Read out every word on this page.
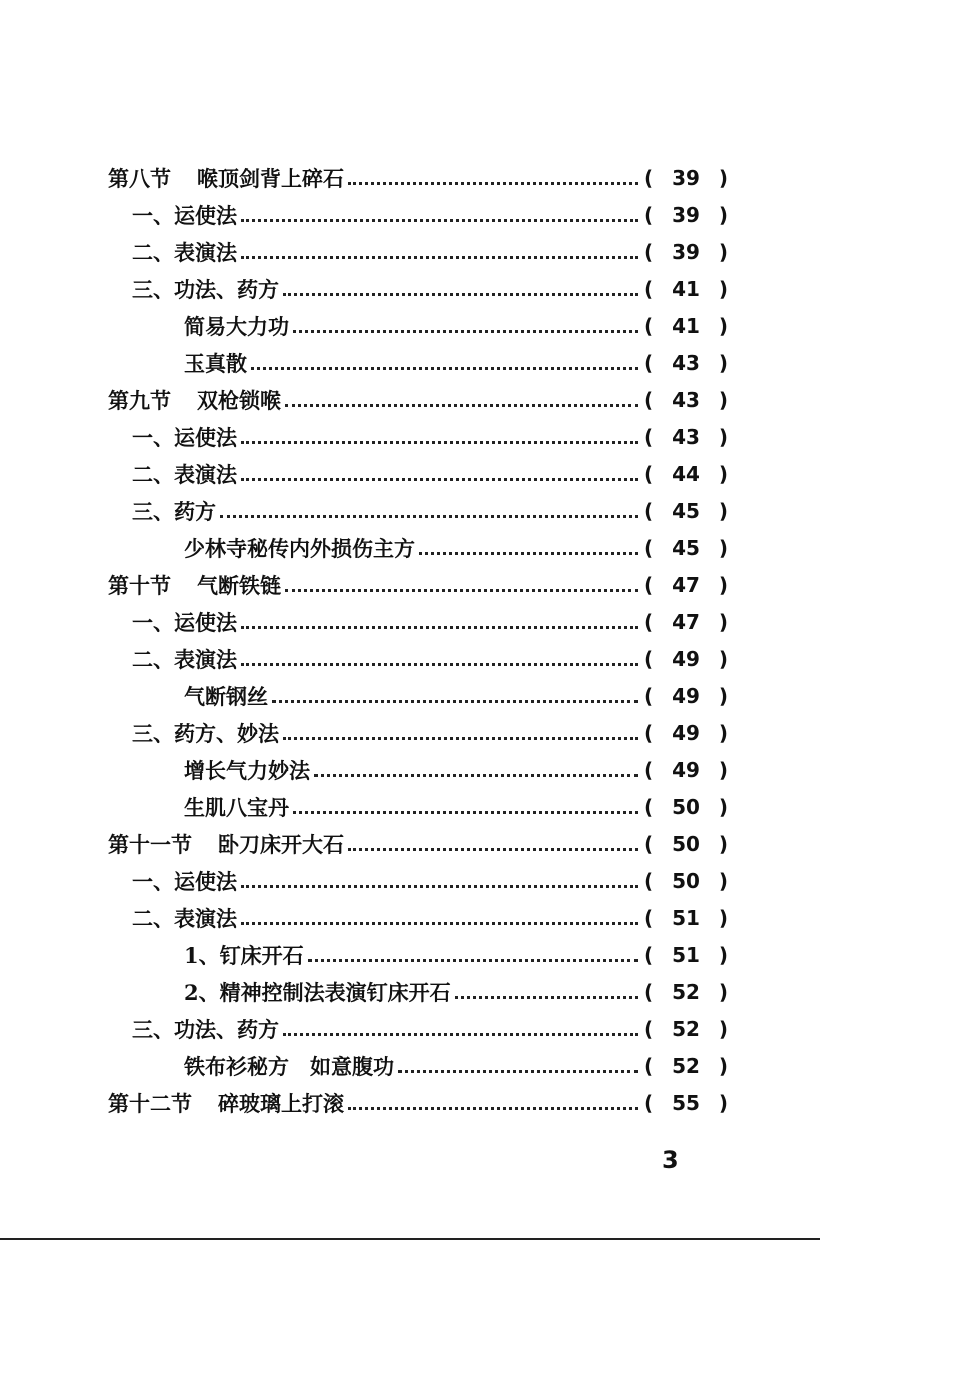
第八节 喉顶剑背上碎石	( 39 )
一、运使法	( 39 )
二、表演法	( 39 )
三、功法、药方	( 41 )
简易大力功	( 41 )
玉真散	( 43 )
第九节 双枪锁喉	( 43 )
一、运使法	( 43 )
二、表演法	( 44 )
三、药方	( 45 )
少林寺秘传内外损伤主方	( 45 )
第十节 气断铁链	( 47 )
一、运使法	( 47 )
二、表演法	( 49 )
气断钢丝	( 49 )
三、药方、妙法	( 49 )
增长气力妙法	( 49 )
生肌八宝丹	( 50 )
第十一节 卧刀床开大石	( 50 )
一、运使法	( 50 )
二、表演法	( 51 )
1、钉床开石	( 51 )
2、精神控制法表演钉床开石	( 52 )
三、功法、药方	( 52 )
铁布衫秘方　如意腹功	( 52 )
第十二节 碎玻璃上打滚	( 55 )
3
